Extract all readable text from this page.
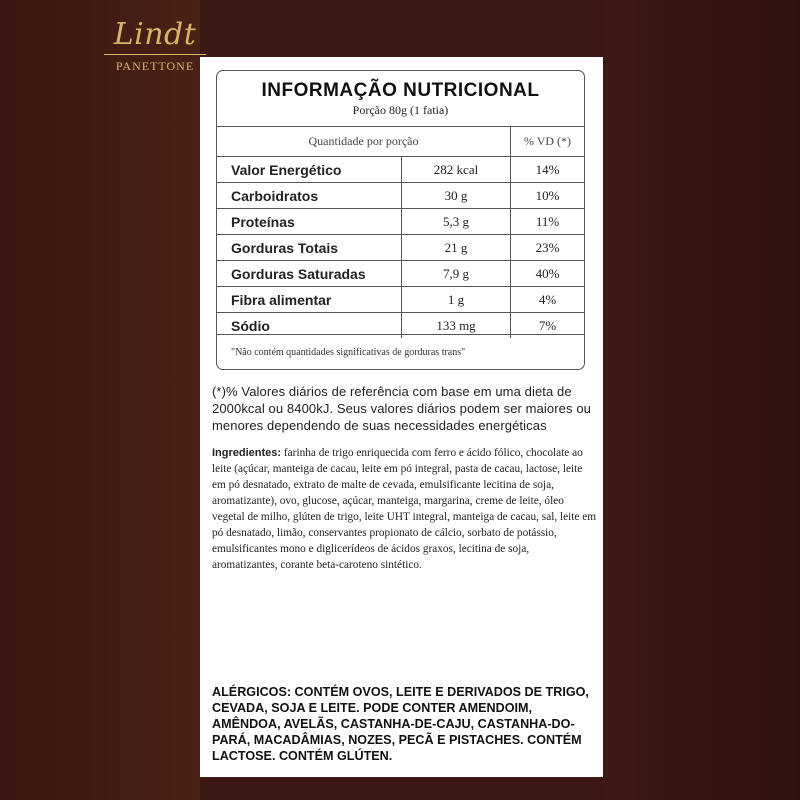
Lindt
PANETTONE
INFORMAÇÃO NUTRICIONAL
Porção 80g (1 fatia)
Quantidade por porção		% VD (*)
Valor Energético	282 kcal	14%
Carboidratos	30 g	10%
Proteínas	5,3 g	11%
Gorduras Totais	21 g	23%
Gorduras Saturadas	7,9 g	40%
Fibra alimentar	1 g	4%
Sódio	133 mg	7%
"Não contém quantidades significativas de gorduras trans"
(*)% Valores diários de referência com base em uma dieta de 2000kcal ou 8400kJ. Seus valores diários podem ser maiores ou menores dependendo de suas necessidades energéticas
Ingredientes: farinha de trigo enriquecida com ferro e ácido fólico, chocolate ao leite (açúcar, manteiga de cacau, leite em pó integral, pasta de cacau, lactose, leite em pó desnatado, extrato de malte de cevada, emulsificante lecitina de soja, aromatizante), ovo, glucose, açúcar, manteiga, margarina, creme de leite, óleo vegetal de milho, glúten de trigo, leite UHT integral, manteiga de cacau, sal, leite em pó desnatado, limão, conservantes propionato de cálcio, sorbato de potássio, emulsificantes mono e diglicerídeos de ácidos graxos, lecitina de soja, aromatizantes, corante beta-caroteno sintético.
ALÉRGICOS: CONTÉM OVOS, LEITE E DERIVADOS DE TRIGO, CEVADA, SOJA E LEITE. PODE CONTER AMENDOIM, AMÊNDOA, AVELÃS, CASTANHA-DE-CAJU, CASTANHA-DO-PARÁ, MACADÂMIAS, NOZES, PECÃ E PISTACHES. CONTÉM LACTOSE. CONTÉM GLÚTEN.
